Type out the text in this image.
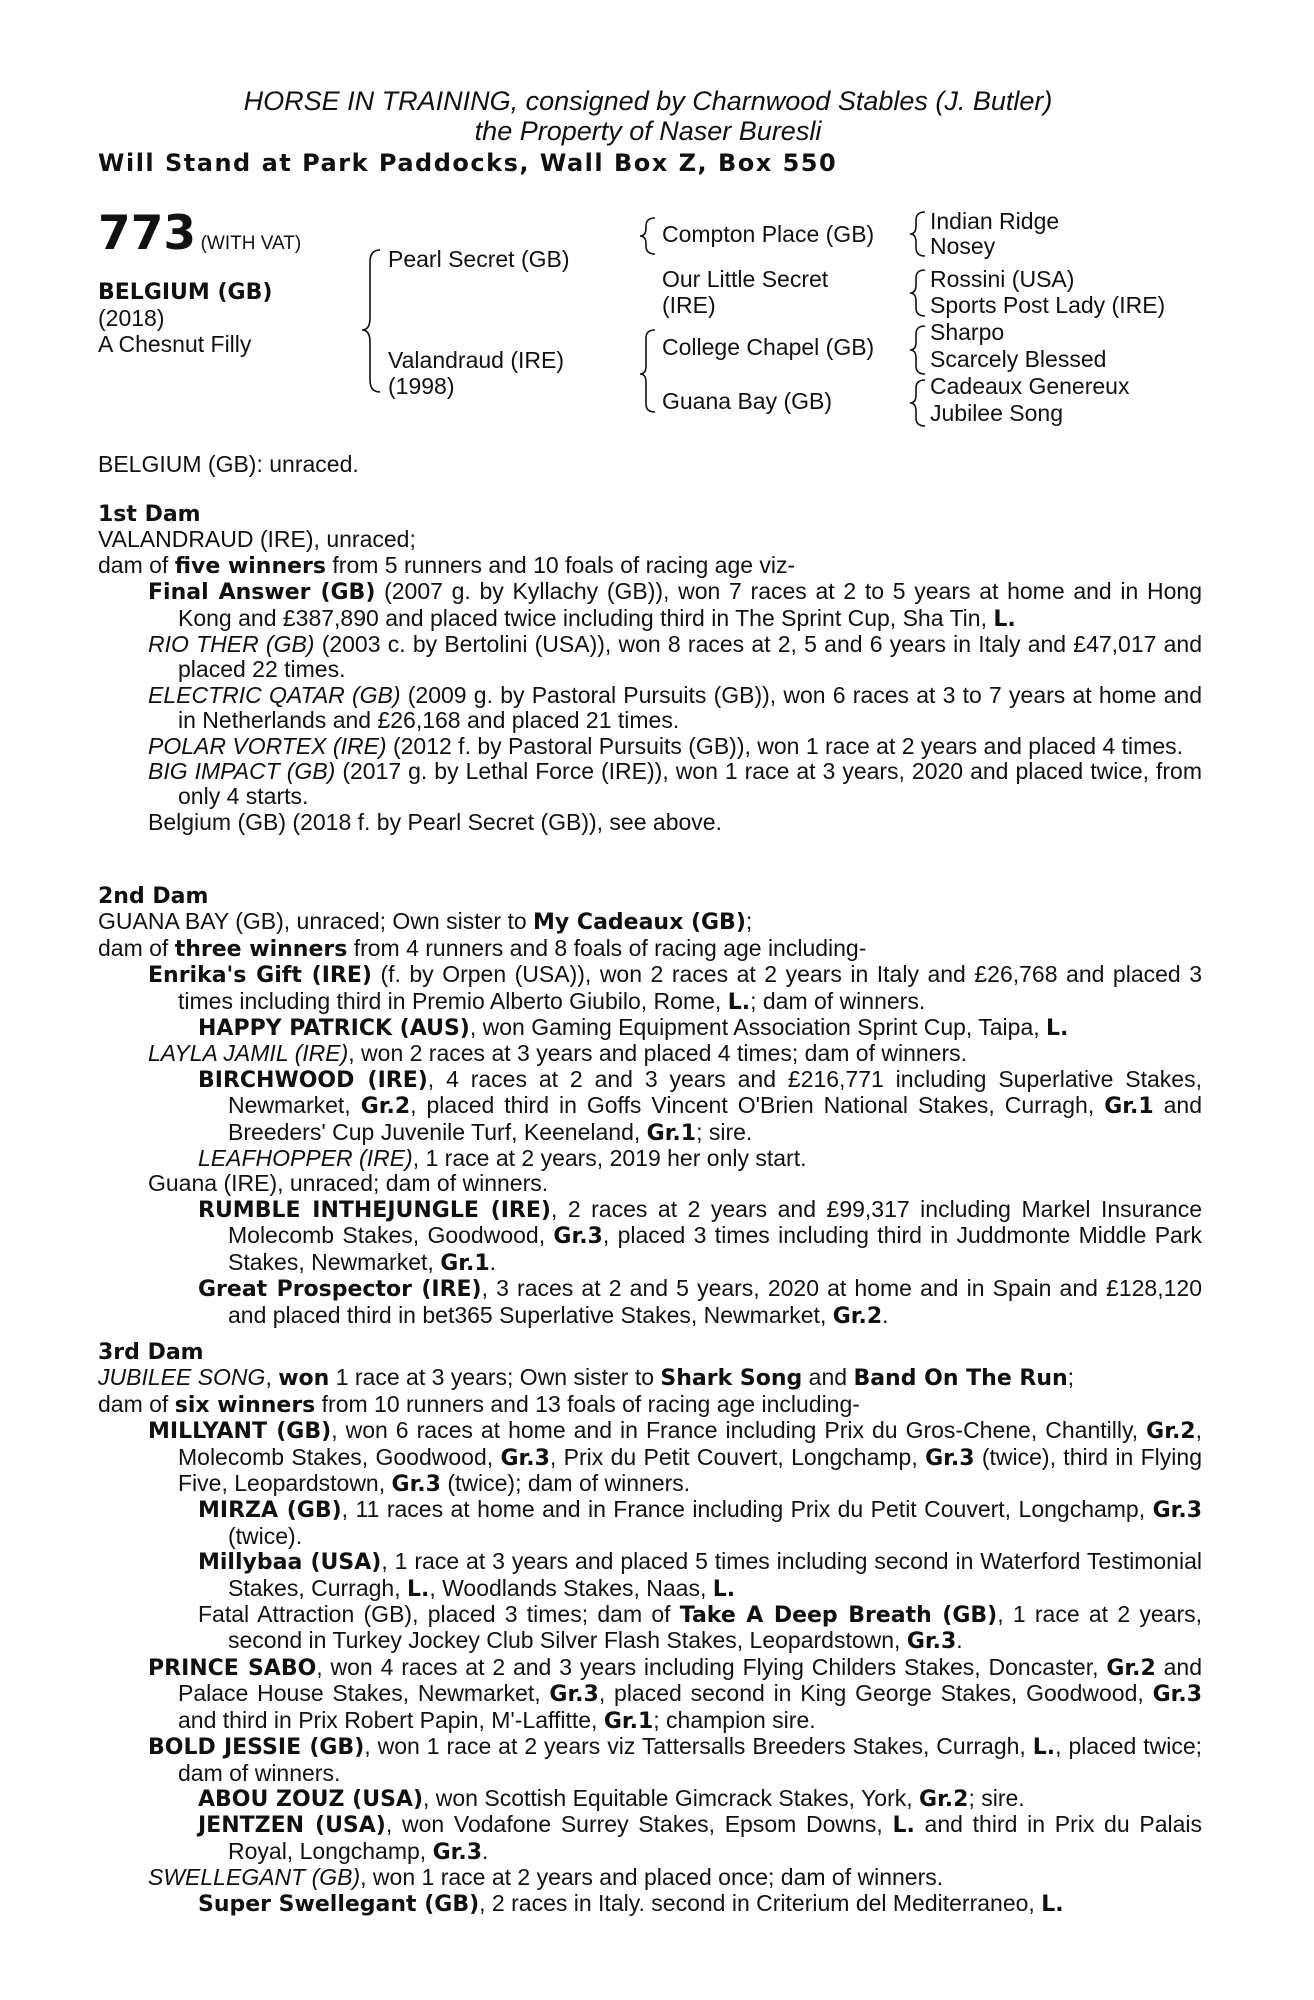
HORSE IN TRAINING, consigned by Charnwood Stables (J. Butler)
the Property of Naser Buresli
Will Stand at Park Paddocks, Wall Box Z, Box 550
773 (WITH VAT)
BELGIUM (GB)
(2018)
A Chesnut Filly
Pearl Secret (GB)
Valandraud (IRE)
(1998)
Compton Place (GB)
Our Little Secret
(IRE)
College Chapel (GB)
Guana Bay (GB)
Indian Ridge
Nosey
Rossini (USA)
Sports Post Lady (IRE)
Sharpo
Scarcely Blessed
Cadeaux Genereux
Jubilee Song
BELGIUM (GB): unraced.

1st Dam

VALANDRAUD (IRE), unraced;

dam of five winners from 5 runners and 10 foals of racing age viz-

Final Answer (GB) (2007 g. by Kyllachy (GB)), won 7 races at 2 to 5 years at home and in Hong Kong and £387,890 and placed twice including third in The Sprint Cup, Sha Tin, L.

RIO THER (GB) (2003 c. by Bertolini (USA)), won 8 races at 2, 5 and 6 years in Italy and £47,017 and placed 22 times.

ELECTRIC QATAR (GB) (2009 g. by Pastoral Pursuits (GB)), won 6 races at 3 to 7 years at home and in Netherlands and £26,168 and placed 21 times.

POLAR VORTEX (IRE) (2012 f. by Pastoral Pursuits (GB)), won 1 race at 2 years and placed 4 times.

BIG IMPACT (GB) (2017 g. by Lethal Force (IRE)), won 1 race at 3 years, 2020 and placed twice, from only 4 starts.

Belgium (GB) (2018 f. by Pearl Secret (GB)), see above.

2nd Dam

GUANA BAY (GB), unraced; Own sister to My Cadeaux (GB);

dam of three winners from 4 runners and 8 foals of racing age including-

Enrika's Gift (IRE) (f. by Orpen (USA)), won 2 races at 2 years in Italy and £26,768 and placed 3 times including third in Premio Alberto Giubilo, Rome, L.; dam of winners.

HAPPY PATRICK (AUS), won Gaming Equipment Association Sprint Cup, Taipa, L.

LAYLA JAMIL (IRE), won 2 races at 3 years and placed 4 times; dam of winners.

BIRCHWOOD (IRE), 4 races at 2 and 3 years and £216,771 including Superlative Stakes, Newmarket, Gr.2, placed third in Goffs Vincent O'Brien National Stakes, Curragh, Gr.1 and Breeders' Cup Juvenile Turf, Keeneland, Gr.1; sire.

LEAFHOPPER (IRE), 1 race at 2 years, 2019 her only start.

Guana (IRE), unraced; dam of winners.

RUMBLE INTHEJUNGLE (IRE), 2 races at 2 years and £99,317 including Markel Insurance Molecomb Stakes, Goodwood, Gr.3, placed 3 times including third in Juddmonte Middle Park Stakes, Newmarket, Gr.1.

Great Prospector (IRE), 3 races at 2 and 5 years, 2020 at home and in Spain and £128,120 and placed third in bet365 Superlative Stakes, Newmarket, Gr.2.

3rd Dam

JUBILEE SONG, won 1 race at 3 years; Own sister to Shark Song and Band On The Run;

dam of six winners from 10 runners and 13 foals of racing age including-

MILLYANT (GB), won 6 races at home and in France including Prix du Gros-Chene, Chantilly, Gr.2, Molecomb Stakes, Goodwood, Gr.3, Prix du Petit Couvert, Longchamp, Gr.3 (twice), third in Flying Five, Leopardstown, Gr.3 (twice); dam of winners.

MIRZA (GB), 11 races at home and in France including Prix du Petit Couvert, Longchamp, Gr.3 (twice).

Millybaa (USA), 1 race at 3 years and placed 5 times including second in Waterford Testimonial Stakes, Curragh, L., Woodlands Stakes, Naas, L.

Fatal Attraction (GB), placed 3 times; dam of Take A Deep Breath (GB), 1 race at 2 years, second in Turkey Jockey Club Silver Flash Stakes, Leopardstown, Gr.3.

PRINCE SABO, won 4 races at 2 and 3 years including Flying Childers Stakes, Doncaster, Gr.2 and Palace House Stakes, Newmarket, Gr.3, placed second in King George Stakes, Goodwood, Gr.3 and third in Prix Robert Papin, M'-Laffitte, Gr.1; champion sire.

BOLD JESSIE (GB), won 1 race at 2 years viz Tattersalls Breeders Stakes, Curragh, L., placed twice; dam of winners.

ABOU ZOUZ (USA), won Scottish Equitable Gimcrack Stakes, York, Gr.2; sire.

JENTZEN (USA), won Vodafone Surrey Stakes, Epsom Downs, L. and third in Prix du Palais Royal, Longchamp, Gr.3.

SWELLEGANT (GB), won 1 race at 2 years and placed once; dam of winners.

Super Swellegant (GB), 2 races in Italy. second in Criterium del Mediterraneo, L.
